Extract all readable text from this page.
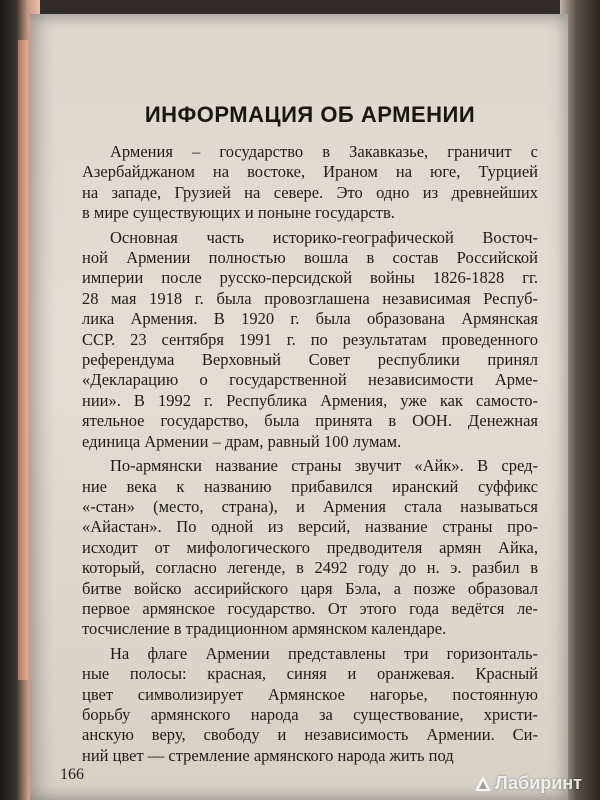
ИНФОРМАЦИЯ ОБ АРМЕНИИ
Армения – государство в Закавказье, граничит с
Азербайджаном на востоке, Ираном на юге, Турцией
на западе, Грузией на севере. Это одно из древнейших
в мире существующих и поныне государств.
Основная часть историко-географической Восточ-
ной Армении полностью вошла в состав Российской
империи после русско-персидской войны 1826-1828 гг.
28 мая 1918 г. была провозглашена независимая Респуб-
лика Армения. В 1920 г. была образована Армянская
ССР. 23 сентября 1991 г. по результатам проведенного
референдума Верховный Совет республики принял
«Декларацию о государственной независимости Арме-
нии». В 1992 г. Республика Армения, уже как самосто-
ятельное государство, была принята в ООН. Денежная
единица Армении – драм, равный 100 лумам.
По-армянски название страны звучит «Айк». В сред-
ние века к названию прибавился иранский суффикс
«-стан» (место, страна), и Армения стала называться
«Айастан». По одной из версий, название страны про-
исходит от мифологического предводителя армян Айка,
который, согласно легенде, в 2492 году до н. э. разбил в
битве войско ассирийского царя Бэла, а позже образовал
первое армянское государство. От этого года ведётся ле-
тосчисление в традиционном армянском календаре.
На флаге Армении представлены три горизонталь-
ные полосы: красная, синяя и оранжевая. Красный
цвет символизирует Армянское нагорье, постоянную
борьбу армянского народа за существование, христи-
анскую веру, свободу и независимость Армении. Си-
ний цвет — стремление армянского народа жить под
166	Лабиринт
